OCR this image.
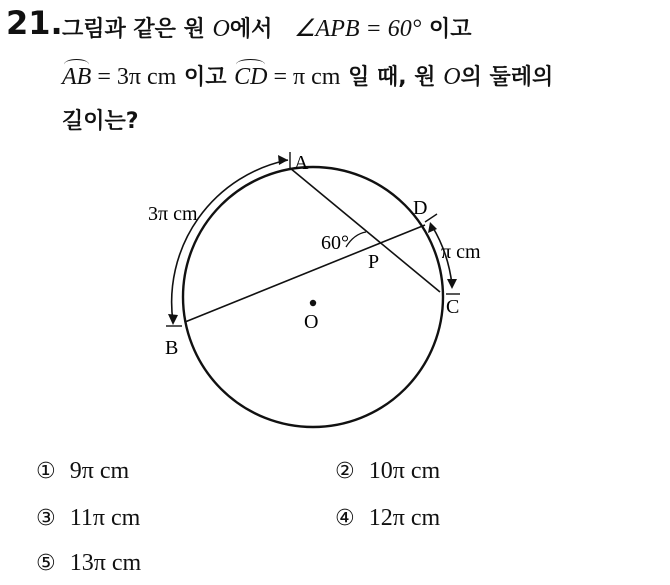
21. 그림과 같은 원 O에서 ∠APB = 60° 이고
AB = 3π cm 이고 CD = π cm 일 때, 원 O의 둘레의
길이는?
A
B
C
D
P
O
60°
3π cm
π cm
① 9π cm	② 10π cm
③ 11π cm	④ 12π cm
⑤ 13π cm
